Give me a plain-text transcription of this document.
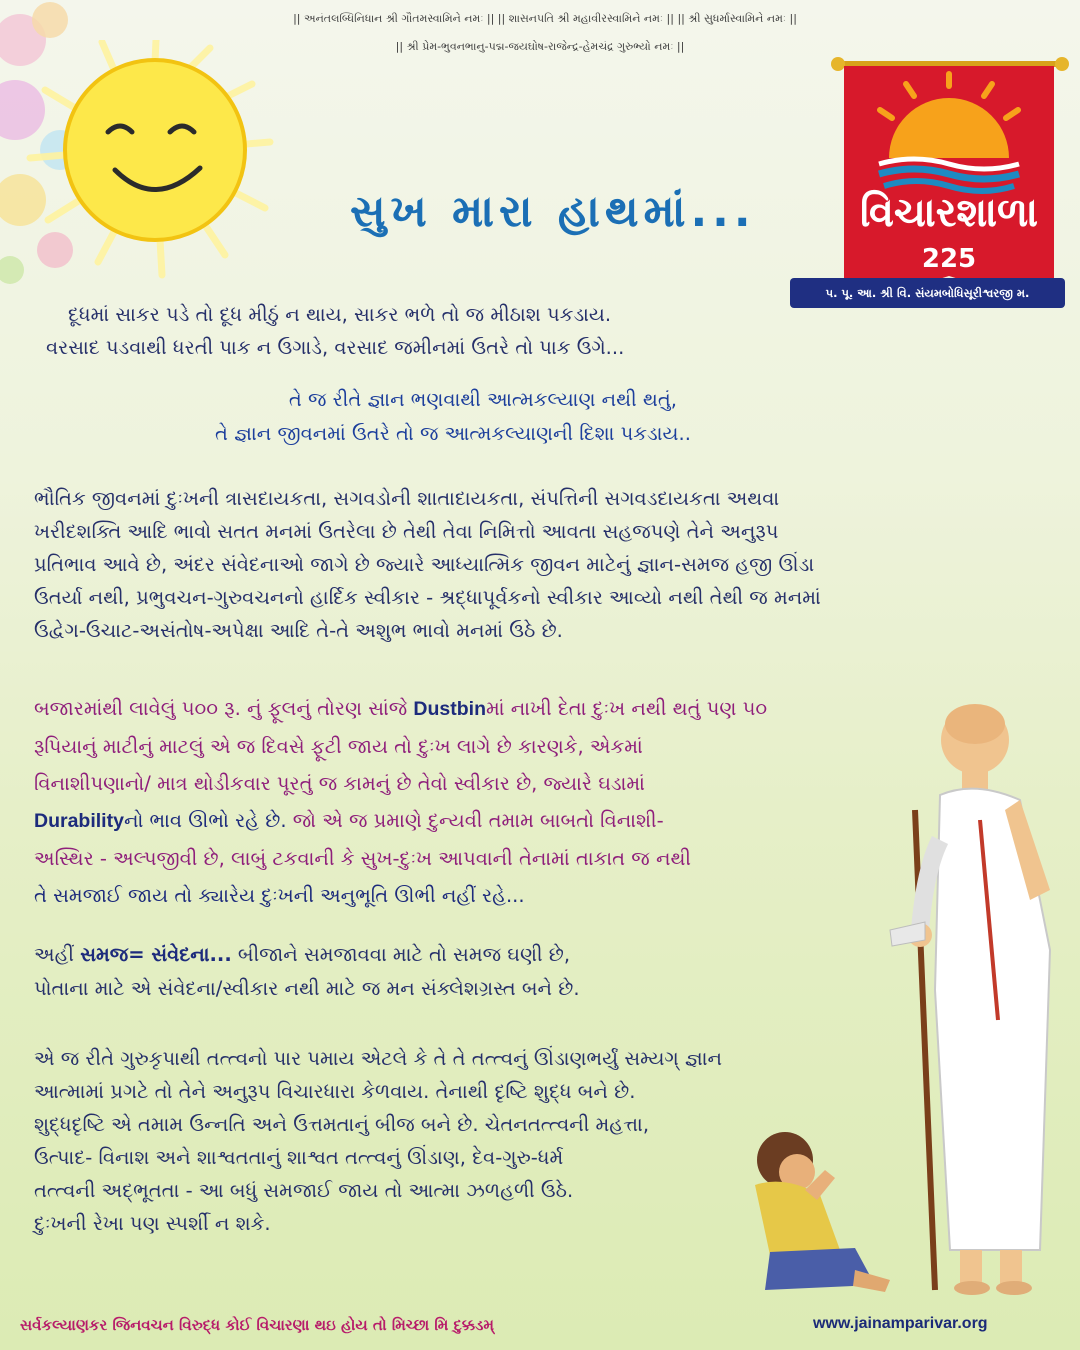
|| અનંતલબ્ધિનિધાન શ્રી ગૌતમસ્વામિને નમઃ || || શાસનપતિ શ્રી મહાવીરસ્વામિને નમઃ || || શ્રી સુધર્માસ્વામિને નમઃ ||
|| શ્રી પ્રેમ-ભુવનભાનુ-પદ્મ-જયઘોષ-રાજેન્દ્ર-હેમચંદ્ર ગુરુભ્યો નમઃ ||
સુખ મારા હાથમાં...	વિચારશાળા
225
પ. પૂ. આ. શ્રી વિ. સંયમબોધિસૂરીશ્વરજી મ.
દૂધમાં સાકર પડે તો દૂધ મીઠું ન થાય, સાકર ભળે તો જ મીઠાશ પકડાય.
વરસાદ પડવાથી ધરતી પાક ન ઉગાડે, વરસાદ જમીનમાં ઉતરે તો પાક ઉગે...
તે જ રીતે જ્ઞાન ભણવાથી આત્મકલ્યાણ નથી થતું,
તે જ્ઞાન જીવનમાં ઉતરે તો જ આત્મકલ્યાણની દિશા પકડાય..
ભૌતિક જીવનમાં દુઃખની ત્રાસદાયકતા, સગવડોની શાતાદાયકતા, સંપત્તિની સગવડદાયકતા અથવા
ખરીદશક્તિ આદિ ભાવો સતત મનમાં ઉતરેલા છે તેથી તેવા નિમિત્તો આવતા સહજપણે તેને અનુરૂપ
પ્રતિભાવ આવે છે, અંદર સંવેદનાઓ જાગે છે જ્યારે આધ્યાત્મિક જીવન માટેનું જ્ઞાન-સમજ હજી ઊંડા
ઉતર્યા નથી, પ્રભુવચન-ગુરુવચનનો હાર્દિક સ્વીકાર - શ્રદ્ધાપૂર્વકનો સ્વીકાર આવ્યો નથી તેથી જ મનમાં
ઉદ્વેગ-ઉચાટ-અસંતોષ-અપેક્ષા આદિ તે-તે અશુભ ભાવો મનમાં ઉઠે છે.
બજારમાંથી લાવેલું ૫૦૦ રૂ. નું ફૂલનું તોરણ સાંજે Dustbinમાં નાખી દેતા દુઃખ નથી થતું પણ ૫૦
રૂપિયાનું માટીનું માટલું એ જ દિવસે ફૂટી જાય તો દુઃખ લાગે છે કારણકે, એકમાં
વિનાશીપણાનો/ માત્ર થોડીકવાર પૂરતું જ કામનું છે તેવો સ્વીકાર છે, જ્યારે ઘડામાં
Durabilityનો ભાવ ઊભો રહે છે. જો એ જ પ્રમાણે દુન્યવી તમામ બાબતો વિનાશી-
અસ્થિર - અલ્પજીવી છે, લાબું ટકવાની કે સુખ-દુઃખ આપવાની તેનામાં તાકાત જ નથી
તે સમજાઈ જાય તો ક્યારેય દુઃખની અનુભૂતિ ઊભી નહીં રહે...
અહીં સમજ= સંવેદના... બીજાને સમજાવવા માટે તો સમજ ઘણી છે,
પોતાના માટે એ સંવેદના/સ્વીકાર નથી માટે જ મન સંક્લેશગ્રસ્ત બને છે.
એ જ રીતે ગુરુકૃપાથી તત્ત્વનો પાર પમાય એટલે કે તે તે તત્ત્વનું ઊંડાણભર્યું સમ્યગ્ જ્ઞાન
આત્મામાં પ્રગટે તો તેને અનુરૂપ વિચારધારા કેળવાય. તેનાથી દૃષ્ટિ શુદ્ધ બને છે.
શુદ્ધદૃષ્ટિ એ તમામ ઉન્નતિ અને ઉત્તમતાનું બીજ બને છે. ચેતનતત્ત્વની મહત્તા,
ઉત્પાદ- વિનાશ અને શાશ્વતતાનું શાશ્વત તત્ત્વનું ઊંડાણ, દેવ-ગુરુ-ધર્મ
તત્ત્વની અદ્ભૂતતા - આ બધું સમજાઈ જાય તો આત્મા ઝળહળી ઉઠે.
દુઃખની રેખા પણ સ્પર્શી ન શકે.
સર્વકલ્યાણકર જિનવચન વિરુદ્ધ કોઈ વિચારણા થઇ હોય તો મિચ્છા મિ દુક્કડમ્	www.jainamparivar.org
